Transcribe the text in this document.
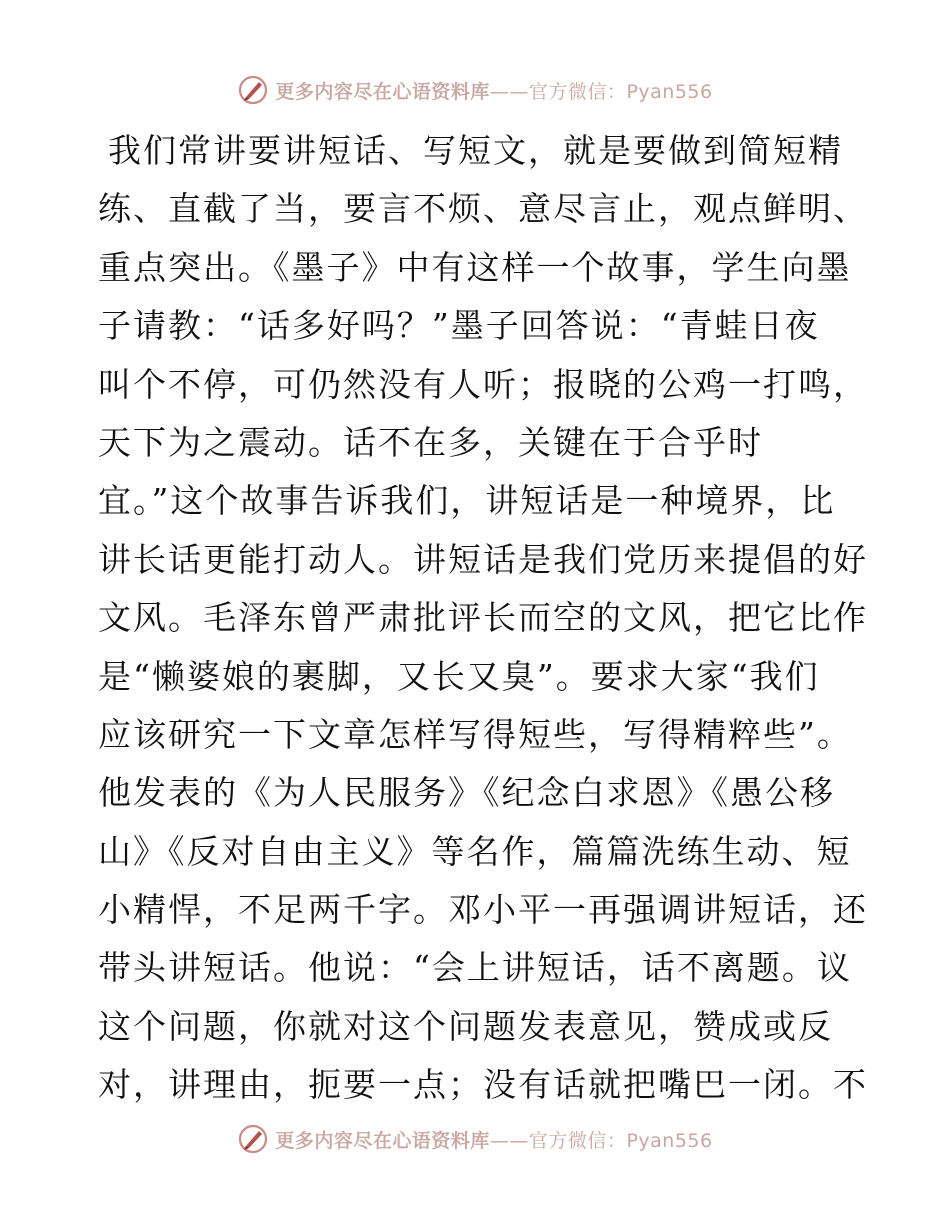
更多内容尽在心语资料库——官方微信：Pyan556
我们常讲要讲短话、写短文，就是要做到简短精
练、直截了当，要言不烦、意尽言止，观点鲜明、
重点突出。《墨子》中有这样一个故事，学生向墨
子请教：“话多好吗？”墨子回答说：“青蛙日夜
叫个不停，可仍然没有人听；报晓的公鸡一打鸣，
天下为之震动。话不在多，关键在于合乎时
宜。”这个故事告诉我们，讲短话是一种境界，比
讲长话更能打动人。讲短话是我们党历来提倡的好
文风。毛泽东曾严肃批评长而空的文风，把它比作
是“懒婆娘的裹脚，又长又臭”。要求大家“我们
应该研究一下文章怎样写得短些，写得精粹些”。
他发表的《为人民服务》《纪念白求恩》《愚公移
山》《反对自由主义》等名作，篇篇洗练生动、短
小精悍，不足两千字。邓小平一再强调讲短话，还
带头讲短话。他说：“会上讲短话，话不离题。议
这个问题，你就对这个问题发表意见，赞成或反
对，讲理由，扼要一点；没有话就把嘴巴一闭。不
更多内容尽在心语资料库——官方微信：Pyan556
